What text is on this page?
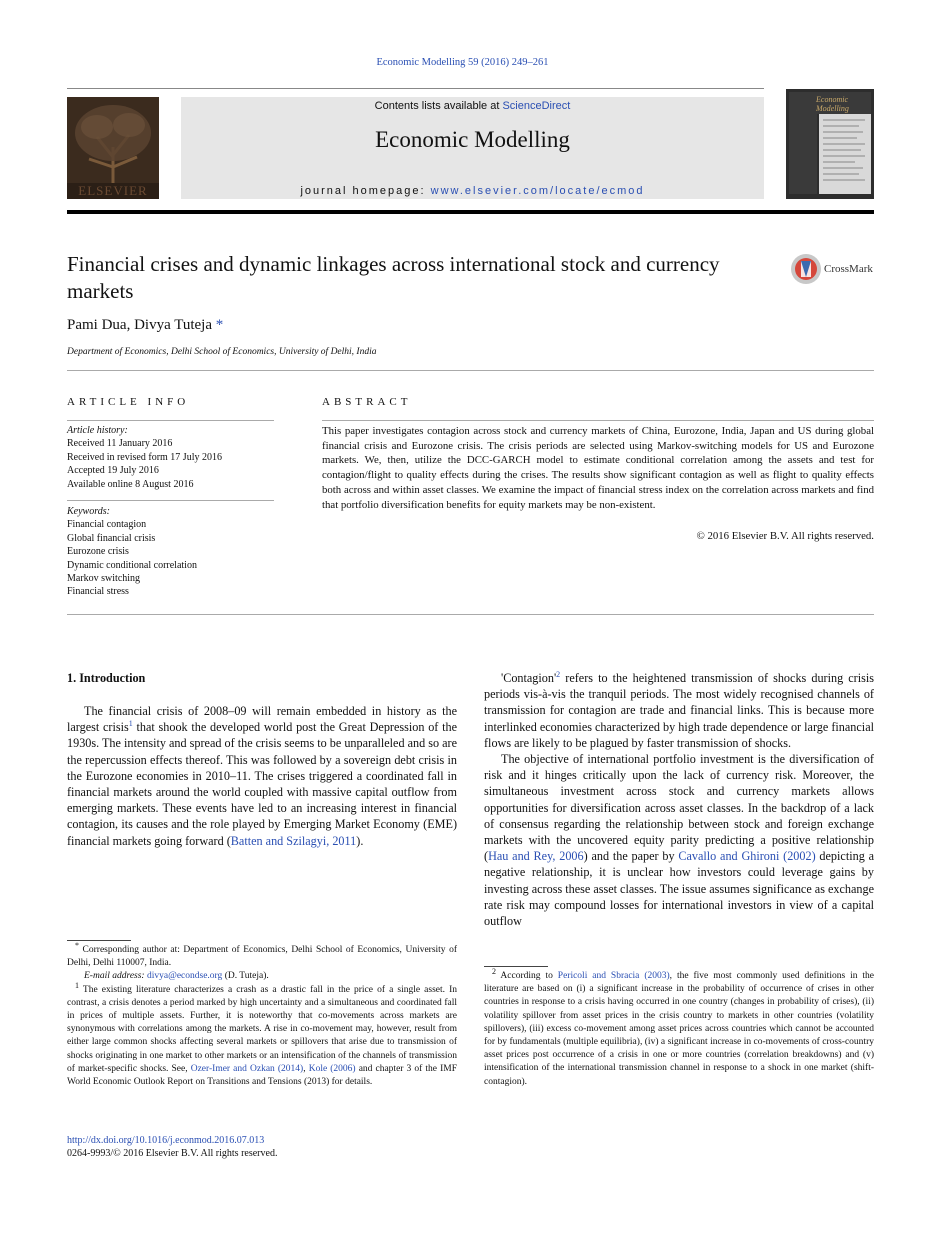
Economic Modelling 59 (2016) 249–261
ELSEVIER
Contents lists available at ScienceDirect
Economic Modelling
journal homepage: www.elsevier.com/locate/ecmod
Economic Modelling
Financial crises and dynamic linkages across international stock and currency markets
CrossMark
Pami Dua, Divya Tuteja *
Department of Economics, Delhi School of Economics, University of Delhi, India
ARTICLE INFO
Article history:
Received 11 January 2016
Received in revised form 17 July 2016
Accepted 19 July 2016
Available online 8 August 2016
Keywords:
Financial contagion
Global financial crisis
Eurozone crisis
Dynamic conditional correlation
Markov switching
Financial stress
ABSTRACT
This paper investigates contagion across stock and currency markets of China, Eurozone, India, Japan and US during global financial crisis and Eurozone crisis. The crisis periods are selected using Markov-switching models for US and Eurozone markets. We, then, utilize the DCC-GARCH model to estimate conditional correlation among the assets and test for contagion/flight to quality effects during the crises. The results show significant contagion as well as flight to quality effects both across and within asset classes. We examine the impact of financial stress index on the correlation across markets and find that portfolio diversification benefits for equity markets may be non-existent.
© 2016 Elsevier B.V. All rights reserved.
1. Introduction

The financial crisis of 2008–09 will remain embedded in history as the largest crisis$^1$ that shook the developed world post the Great Depression of the 1930s. The intensity and spread of the crisis seems to be unparalleled and so are the repercussion effects thereof. This was followed by a sovereign debt crisis in the Eurozone economies in 2010–11. The crises triggered a coordinated fall in financial markets around the world coupled with massive capital outflow from emerging markets. These events have led to an increasing interest in financial contagion, its causes and the role played by Emerging Market Economy (EME) financial markets going forward (Batten and Szilagyi, 2011).

'$Contagion'^2$ refers to the heightened transmission of shocks during crisis periods vis-à-vis the tranquil periods. The most widely recognised channels of transmission for contagion are trade and financial links. This is because more interlinked economies characterized by high trade dependence or large financial flows are likely to be plagued by faster transmission of shocks.

The objective of international portfolio investment is the diversification of risk and it hinges critically upon the lack of currency risk. Moreover, the simultaneous investment across stock and currency markets allows opportunities for diversification across asset classes. In the backdrop of a lack of consensus regarding the relationship between stock and foreign exchange markets with the uncovered equity parity predicting a positive relationship (Hau and Rey, 2006) and the paper by Cavallo and Ghironi (2002) depicting a negative relationship, it is unclear how investors could leverage gains by investing across these asset classes. The issue assumes significance as exchange rate risk may compound losses for international investors in view of a capital outflow

* Corresponding author at: Department of Economics, Delhi School of Economics, University of Delhi, Delhi 110007, India.

E-mail address: divya@econdse.org (D. Tuteja).

$^1$ The existing literature characterizes a crash as a drastic fall in the price of a single asset. In contrast, a crisis denotes a period marked by high uncertainty and a simultaneous and coordinated fall in prices of multiple assets. Further, it is noteworthy that co-movements across markets are synonymous with correlations among the markets. A rise in co-movement may, however, result from either large common shocks affecting several markets or spillovers that arise due to transmission of shocks originating in one market to other markets or an intensification of the channels of transmission of market-specific shocks. See, Ozer-Imer and Ozkan (2014), Kole (2006) and chapter 3 of the IMF World Economic Outlook Report on Transitions and Tensions (2013) for details.

$^2$ According to Pericoli and Sbracia (2003), the five most commonly used definitions in the literature are based on (i) a significant increase in the probability of occurrence of crises in other countries in response to a crisis having occurred in one country (changes in probability of crises), (ii) volatility spillover from asset prices in the crisis country to markets in other countries (volatility spillovers), (iii) excess co-movement among asset prices across countries which cannot be accounted for by fundamentals (multiple equilibria), (iv) a significant increase in co-movements of cross-country asset prices post occurrence of a crisis in one or more countries (correlation breakdowns) and (v) intensification of the international transmission channel in response to a shock in one market (shift-contagion).

http://dx.doi.org/10.1016/j.econmod.2016.07.013
0264-9993/© 2016 Elsevier B.V. All rights reserved.
